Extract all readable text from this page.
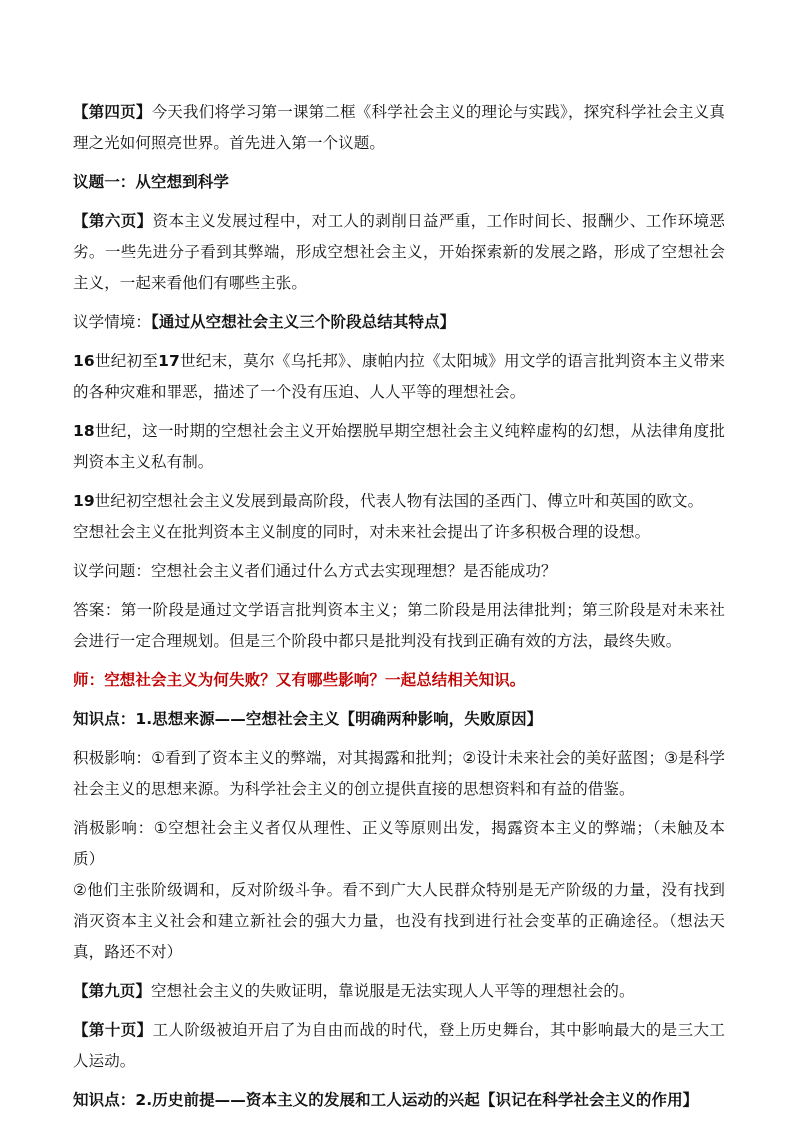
【第四页】今天我们将学习第一课第二框《科学社会主义的理论与实践》，探究科学社会主义真理之光如何照亮世界。首先进入第一个议题。

议题一：从空想到科学

【第六页】资本主义发展过程中，对工人的剥削日益严重，工作时间长、报酬少、工作环境恶劣。一些先进分子看到其弊端，形成空想社会主义，开始探索新的发展之路，形成了空想社会主义，一起来看他们有哪些主张。

议学情境：【通过从空想社会主义三个阶段总结其特点】

16世纪初至17世纪末，莫尔《乌托邦》、康帕内拉《太阳城》用文学的语言批判资本主义带来的各种灾难和罪恶，描述了一个没有压迫、人人平等的理想社会。

18世纪，这一时期的空想社会主义开始摆脱早期空想社会主义纯粹虚构的幻想，从法律角度批判资本主义私有制。

19世纪初空想社会主义发展到最高阶段，代表人物有法国的圣西门、傅立叶和英国的欧文。

空想社会主义在批判资本主义制度的同时，对未来社会提出了许多积极合理的设想。

议学问题：空想社会主义者们通过什么方式去实现理想？是否能成功？

答案：第一阶段是通过文学语言批判资本主义；第二阶段是用法律批判；第三阶段是对未来社会进行一定合理规划。但是三个阶段中都只是批判没有找到正确有效的方法，最终失败。

师：空想社会主义为何失败？又有哪些影响？一起总结相关知识。

知识点：1.思想来源——空想社会主义【明确两种影响，失败原因】

积极影响：①看到了资本主义的弊端，对其揭露和批判；②设计未来社会的美好蓝图；③是科学社会主义的思想来源。为科学社会主义的创立提供直接的思想资料和有益的借鉴。

消极影响：①空想社会主义者仅从理性、正义等原则出发，揭露资本主义的弊端；（未触及本质）

②他们主张阶级调和，反对阶级斗争。看不到广大人民群众特别是无产阶级的力量，没有找到消灭资本主义社会和建立新社会的强大力量，也没有找到进行社会变革的正确途径。（想法天真，路还不对）

【第九页】空想社会主义的失败证明，靠说服是无法实现人人平等的理想社会的。

【第十页】工人阶级被迫开启了为自由而战的时代，登上历史舞台，其中影响最大的是三大工人运动。

知识点：2.历史前提——资本主义的发展和工人运动的兴起【识记在科学社会主义的作用】
